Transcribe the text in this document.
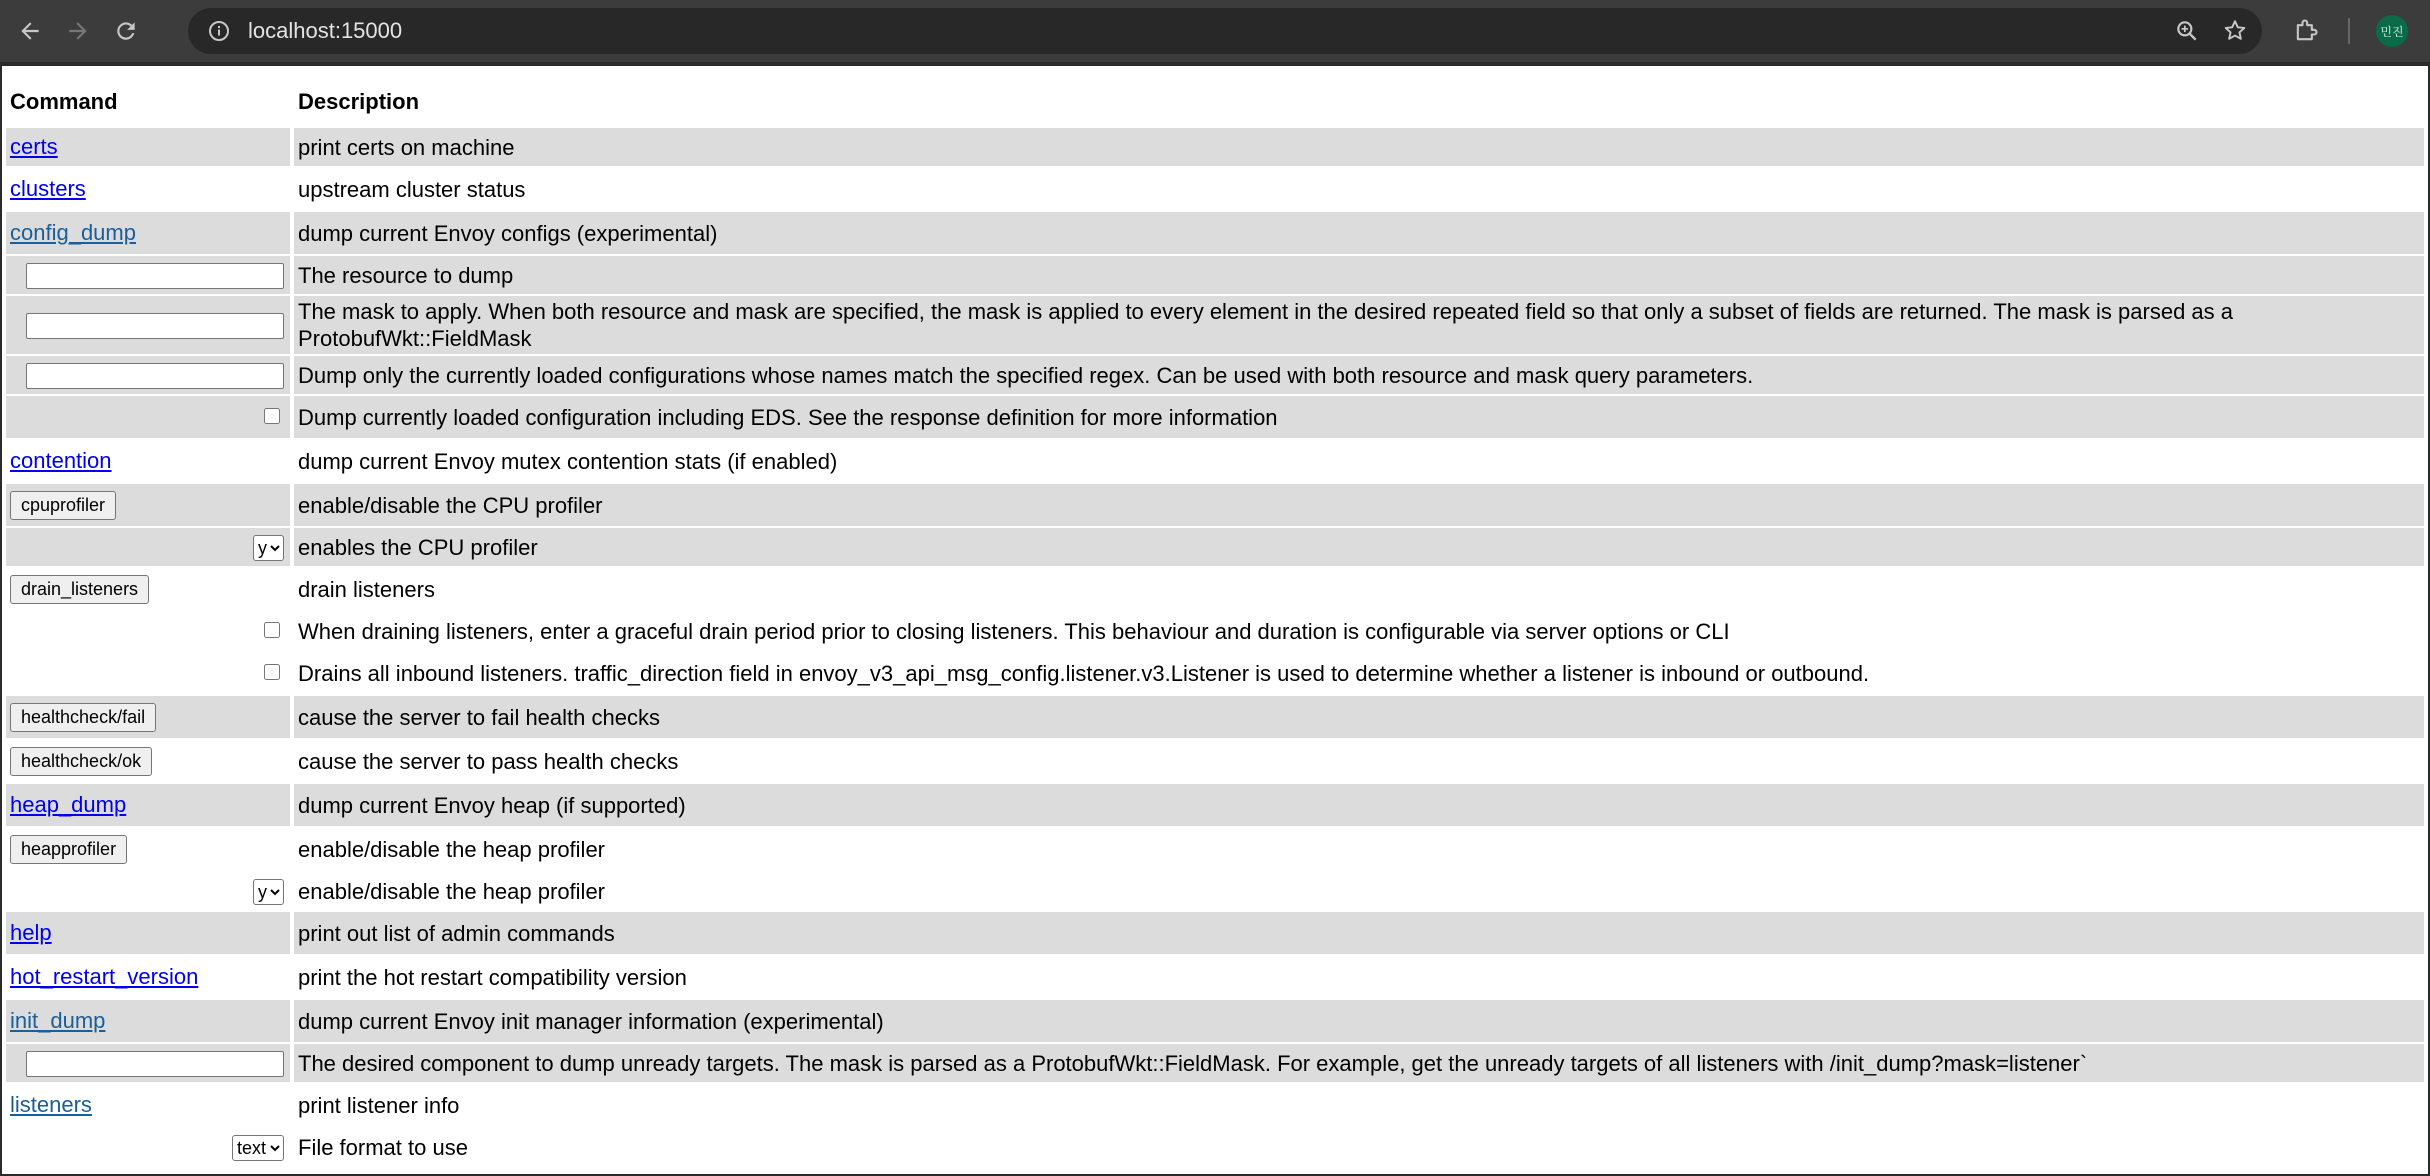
localhost:15000	민진
Command	Description
certs	print certs on machine
clusters	upstream cluster status
config_dump	dump current Envoy configs (experimental)
	The resource to dump
	The mask to apply. When both resource and mask are specified, the mask is applied to every element in the desired repeated field so that only a subset of fields are returned. The mask is parsed as a ProtobufWkt::FieldMask
	Dump only the currently loaded configurations whose names match the specified regex. Can be used with both resource and mask query parameters.
	Dump currently loaded configuration including EDS. See the response definition for more information
contention	dump current Envoy mutex contention stats (if enabled)
cpuprofiler	enable/disable the CPU profiler

y	enables the CPU profiler
drain_listeners	drain listeners
	When draining listeners, enter a graceful drain period prior to closing listeners. This behaviour and duration is configurable via server options or CLI
	Drains all inbound listeners. traffic_direction field in envoy_v3_api_msg_config.listener.v3.Listener is used to determine whether a listener is inbound or outbound.
healthcheck/fail	cause the server to fail health checks
healthcheck/ok	cause the server to pass health checks
heap_dump	dump current Envoy heap (if supported)
heapprofiler	enable/disable the heap profiler

y	enable/disable the heap profiler
help	print out list of admin commands
hot_restart_version	print the hot restart compatibility version
init_dump	dump current Envoy init manager information (experimental)
	The desired component to dump unready targets. The mask is parsed as a ProtobufWkt::FieldMask. For example, get the unready targets of all listeners with /init_dump?mask=listener`
listeners	print listener info

text	File format to use
